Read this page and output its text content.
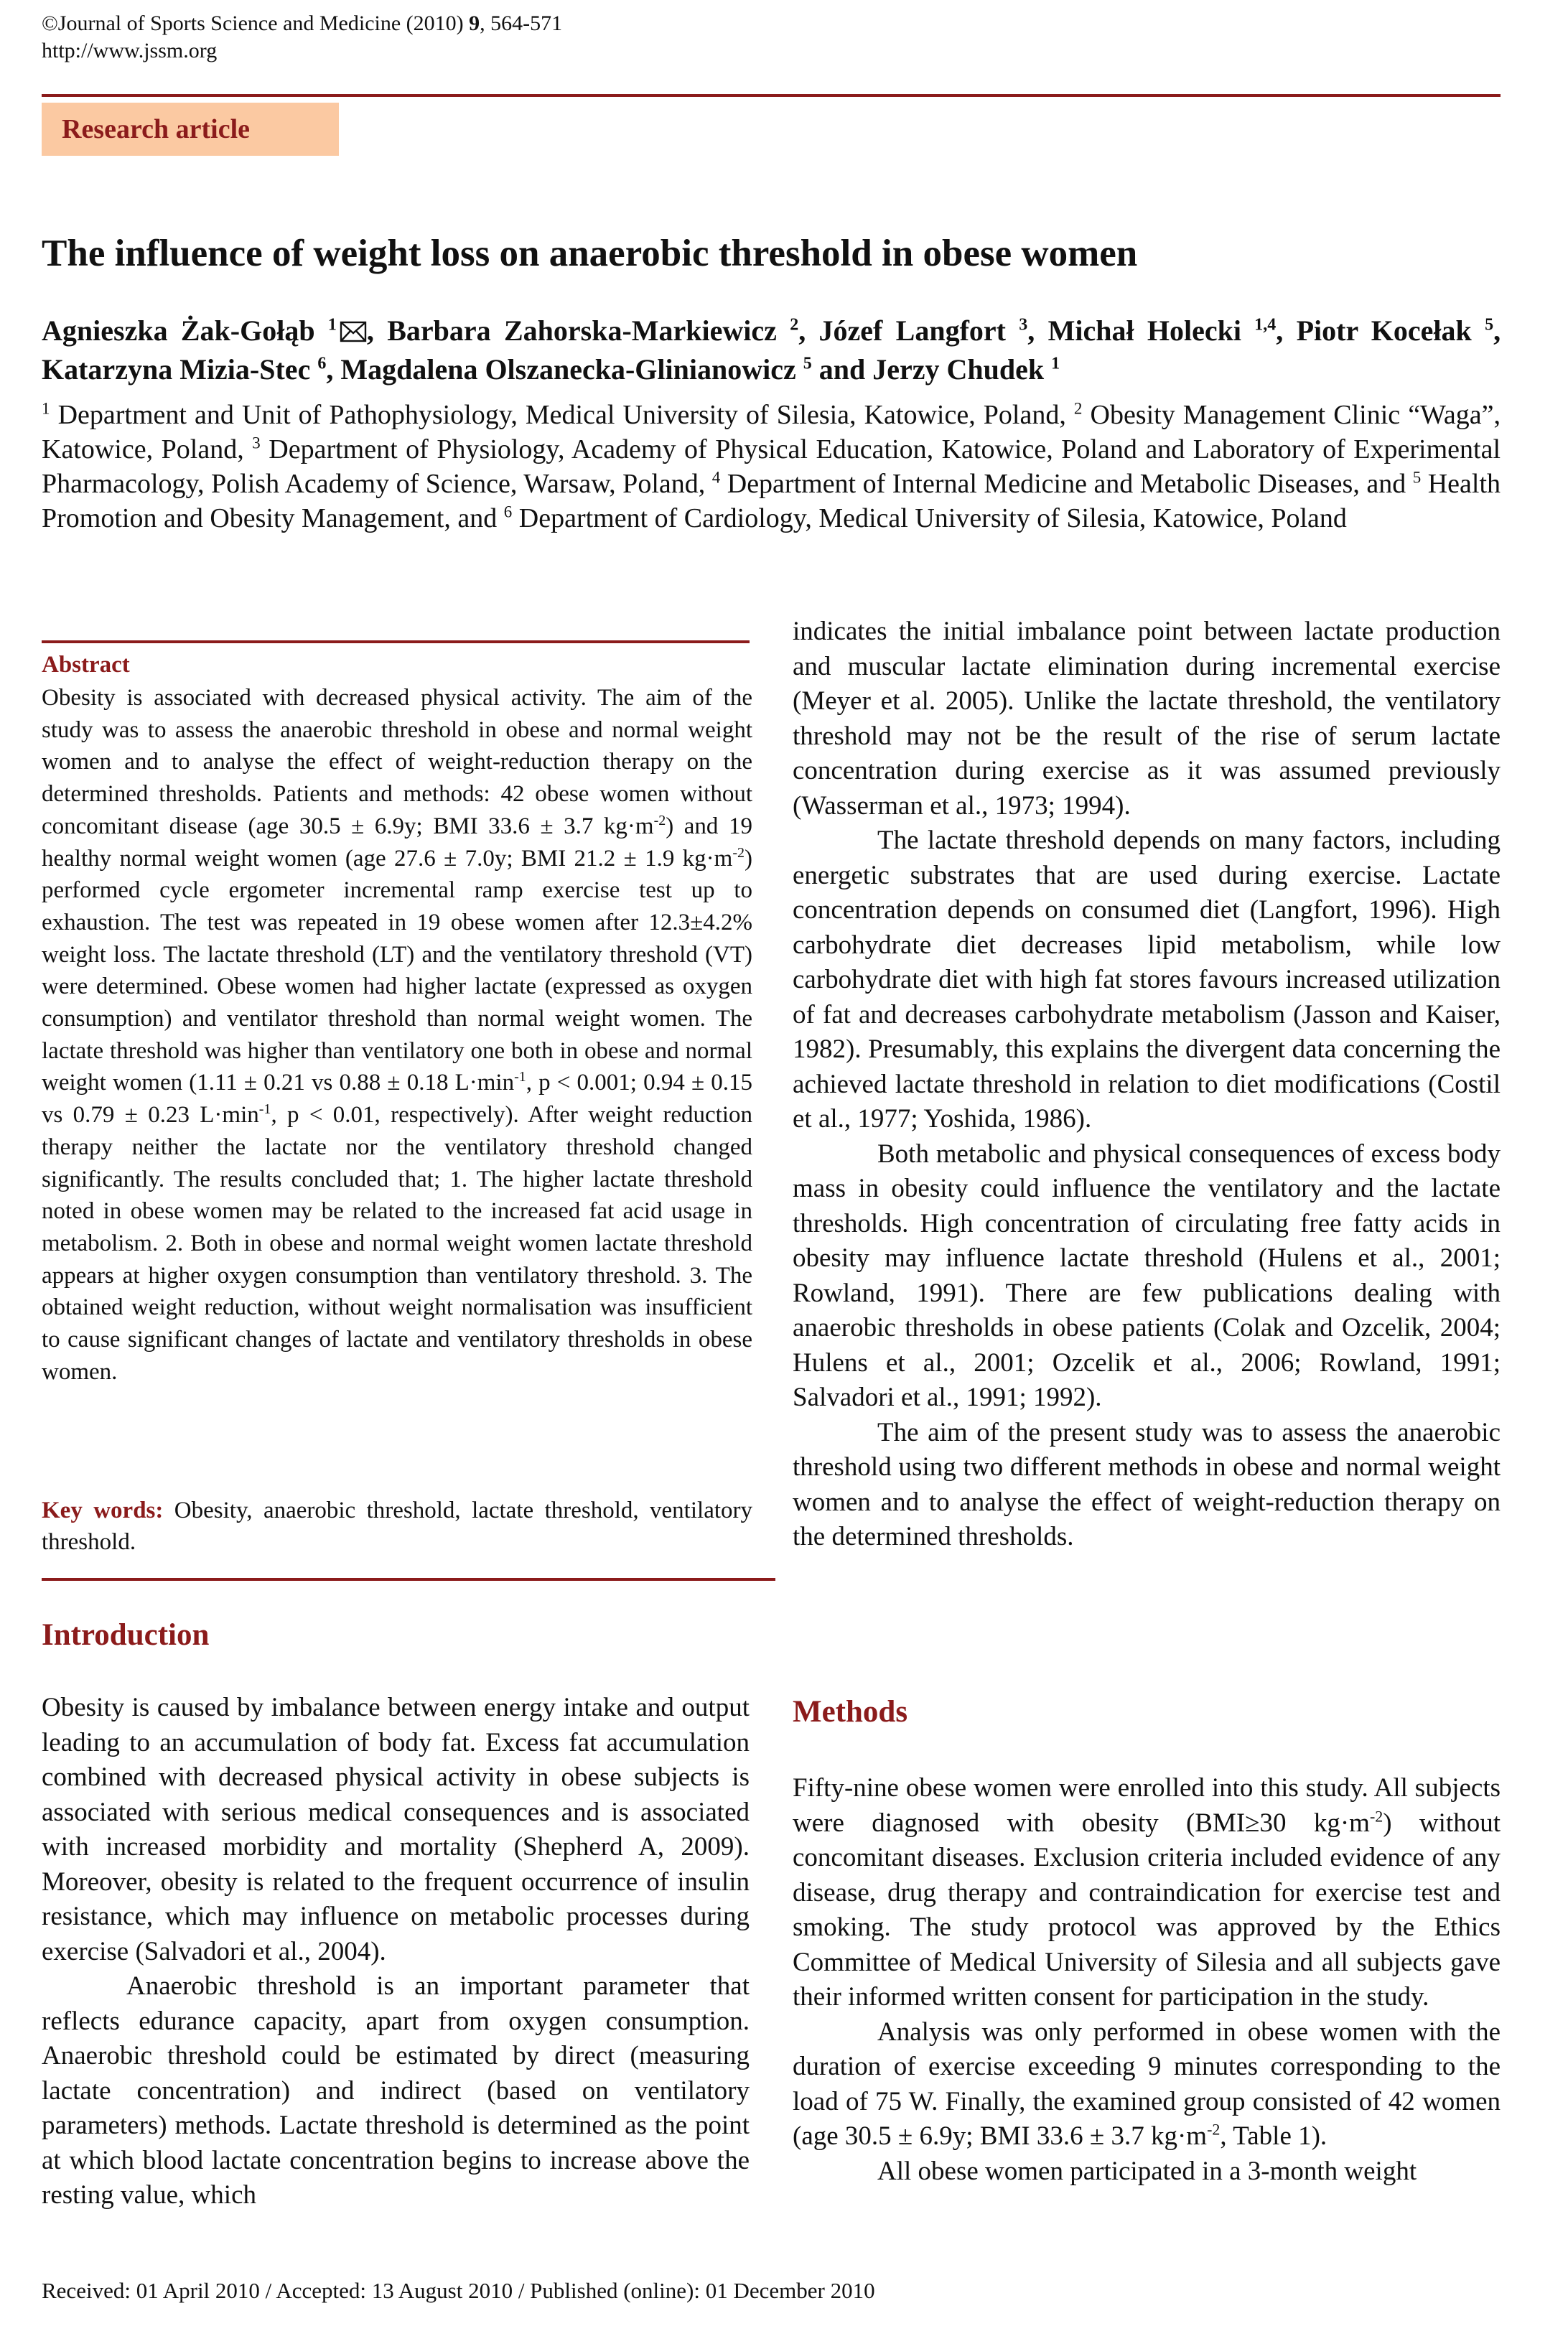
©Journal of Sports Science and Medicine (2010) 9, 564-571
http://www.jssm.org
Research article
The influence of weight loss on anaerobic threshold in obese women
Agnieszka Żak-Gołąb $^1$ , Barbara Zahorska-Markiewicz $^2$, Józef Langfort $^3$, Michał Holecki $^{1,4}$, Piotr Kocełak $^5$, Katarzyna Mizia-Stec $^6$, Magdalena Olszanecka-Glinianowicz $^5$ and Jerzy Chudek $^1$
$^1$ Department and Unit of Pathophysiology, Medical University of Silesia, Katowice, Poland, $^2$ Obesity Management Clinic “Waga”, Katowice, Poland, $^3$ Department of Physiology, Academy of Physical Education, Katowice, Poland and Laboratory of Experimental Pharmacology, Polish Academy of Science, Warsaw, Poland, $^4$ Department of Internal Medicine and Metabolic Diseases, and $^5$ Health Promotion and Obesity Management, and $^6$ Department of Cardiology, Medical University of Silesia, Katowice, Poland
Abstract

Obesity is associated with decreased physical activity. The aim of the study was to assess the anaerobic threshold in obese and normal weight women and to analyse the effect of weight-reduction therapy on the determined thresholds. Patients and methods: 42 obese women without concomitant disease (age 30.5 ± 6.9y; BMI 33.6 ± 3.7 $kg\cdot m^{-2}$) and 19 healthy normal weight women (age 27.6 ± 7.0y; BMI 21.2 ± 1.9 $kg\cdot m^{-2}$) performed cycle ergometer incremental ramp exercise test up to exhaustion. The test was repeated in 19 obese women after 12.3±4.2% weight loss. The lactate threshold (LT) and the ventilatory threshold (VT) were determined. Obese women had higher lactate (expressed as oxygen consumption) and ventilator threshold than normal weight women. The lactate threshold was higher than ventilatory one both in obese and normal weight women (1.11 ± 0.21 vs 0.88 ± 0.18 $L\cdot\min^{-1}$, p < 0.001; 0.94 ± 0.15 vs 0.79 ± 0.23 $L\cdot\min^{-1}$, p < 0.01, respectively). After weight reduction therapy neither the lactate nor the ventilatory threshold changed significantly. The results concluded that; 1. The higher lactate threshold noted in obese women may be related to the increased fat acid usage in metabolism. 2. Both in obese and normal weight women lactate threshold appears at higher oxygen consumption than ventilatory threshold. 3. The obtained weight reduction, without weight normalisation was insufficient to cause significant changes of lactate and ventilatory thresholds in obese women.

Key words: Obesity, anaerobic threshold, lactate threshold, ventilatory threshold.

Introduction

Obesity is caused by imbalance between energy intake and output leading to an accumulation of body fat. Excess fat accumulation combined with decreased physical activity in obese subjects is associated with serious medical consequences and is associated with increased morbidity and mortality (Shepherd A, 2009). Moreover, obesity is related to the frequent occurrence of insulin resistance, which may influence on metabolic processes during exercise (Salvadori et al., 2004).

Anaerobic threshold is an important parameter that reflects edurance capacity, apart from oxygen consumption. Anaerobic threshold could be estimated by direct (measuring lactate concentration) and indirect (based on ventilatory parameters) methods. Lactate threshold is determined as the point at which blood lactate concentration begins to increase above the resting value, which

indicates the initial imbalance point between lactate production and muscular lactate elimination during incremental exercise (Meyer et al. 2005). Unlike the lactate threshold, the ventilatory threshold may not be the result of the rise of serum lactate concentration during exercise as it was assumed previously (Wasserman et al., 1973; 1994).

The lactate threshold depends on many factors, including energetic substrates that are used during exercise. Lactate concentration depends on consumed diet (Langfort, 1996). High carbohydrate diet decreases lipid metabolism, while low carbohydrate diet with high fat stores favours increased utilization of fat and decreases carbohydrate metabolism (Jasson and Kaiser, 1982). Presumably, this explains the divergent data concerning the achieved lactate threshold in relation to diet modifications (Costil et al., 1977; Yoshida, 1986).

Both metabolic and physical consequences of excess body mass in obesity could influence the ventilatory and the lactate thresholds. High concentration of circulating free fatty acids in obesity may influence lactate threshold (Hulens et al., 2001; Rowland, 1991). There are few publications dealing with anaerobic thresholds in obese patients (Colak and Ozcelik, 2004; Hulens et al., 2001; Ozcelik et al., 2006; Rowland, 1991; Salvadori et al., 1991; 1992).

The aim of the present study was to assess the anaerobic threshold using two different methods in obese and normal weight women and to analyse the effect of weight-reduction therapy on the determined thresholds.

Methods

Fifty-nine obese women were enrolled into this study. All subjects were diagnosed with obesity (BMI≥30 $kg\cdot m^{-2}$) without concomitant diseases. Exclusion criteria included evidence of any disease, drug therapy and contraindication for exercise test and smoking. The study protocol was approved by the Ethics Committee of Medical University of Silesia and all subjects gave their informed written consent for participation in the study.

Analysis was only performed in obese women with the duration of exercise exceeding 9 minutes corresponding to the load of 75 W. Finally, the examined group consisted of 42 women (age 30.5 ± 6.9y; BMI 33.6 ± 3.7 $kg\cdot m^{-2}$, Table 1).

All obese women participated in a 3-month weight

Received: 01 April 2010 / Accepted: 13 August 2010 / Published (online): 01 December 2010
